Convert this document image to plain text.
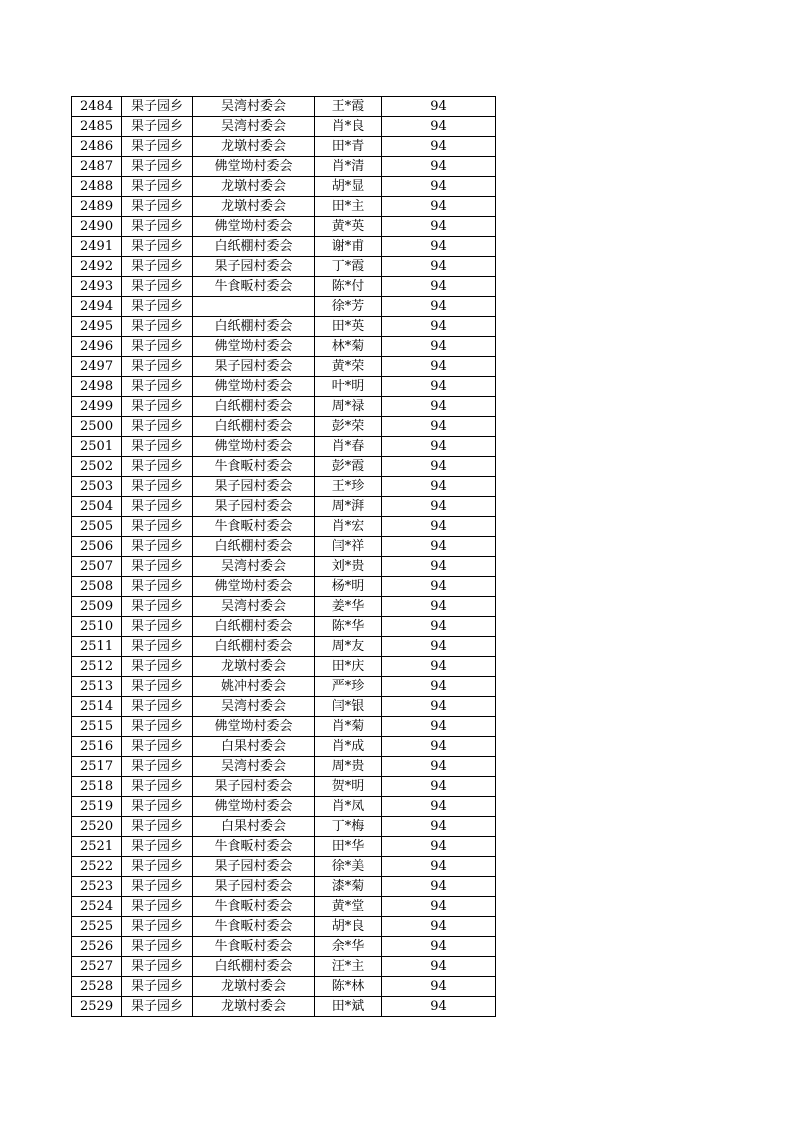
2484	果子园乡	吴湾村委会	王*霞	94
2485	果子园乡	吴湾村委会	肖*良	94
2486	果子园乡	龙墩村委会	田*青	94
2487	果子园乡	佛堂坳村委会	肖*清	94
2488	果子园乡	龙墩村委会	胡*显	94
2489	果子园乡	龙墩村委会	田*主	94
2490	果子园乡	佛堂坳村委会	黄*英	94
2491	果子园乡	白纸棚村委会	谢*甫	94
2492	果子园乡	果子园村委会	丁*霞	94
2493	果子园乡	牛食畈村委会	陈*付	94
2494	果子园乡		徐*芳	94
2495	果子园乡	白纸棚村委会	田*英	94
2496	果子园乡	佛堂坳村委会	林*菊	94
2497	果子园乡	果子园村委会	黄*荣	94
2498	果子园乡	佛堂坳村委会	叶*明	94
2499	果子园乡	白纸棚村委会	周*禄	94
2500	果子园乡	白纸棚村委会	彭*荣	94
2501	果子园乡	佛堂坳村委会	肖*春	94
2502	果子园乡	牛食畈村委会	彭*霞	94
2503	果子园乡	果子园村委会	王*珍	94
2504	果子园乡	果子园村委会	周*湃	94
2505	果子园乡	牛食畈村委会	肖*宏	94
2506	果子园乡	白纸棚村委会	闫*祥	94
2507	果子园乡	吴湾村委会	刘*贵	94
2508	果子园乡	佛堂坳村委会	杨*明	94
2509	果子园乡	吴湾村委会	姜*华	94
2510	果子园乡	白纸棚村委会	陈*华	94
2511	果子园乡	白纸棚村委会	周*友	94
2512	果子园乡	龙墩村委会	田*庆	94
2513	果子园乡	姚冲村委会	严*珍	94
2514	果子园乡	吴湾村委会	闫*银	94
2515	果子园乡	佛堂坳村委会	肖*菊	94
2516	果子园乡	白果村委会	肖*成	94
2517	果子园乡	吴湾村委会	周*贵	94
2518	果子园乡	果子园村委会	贺*明	94
2519	果子园乡	佛堂坳村委会	肖*凤	94
2520	果子园乡	白果村委会	丁*梅	94
2521	果子园乡	牛食畈村委会	田*华	94
2522	果子园乡	果子园村委会	徐*美	94
2523	果子园乡	果子园村委会	漆*菊	94
2524	果子园乡	牛食畈村委会	黄*堂	94
2525	果子园乡	牛食畈村委会	胡*良	94
2526	果子园乡	牛食畈村委会	余*华	94
2527	果子园乡	白纸棚村委会	汪*主	94
2528	果子园乡	龙墩村委会	陈*林	94
2529	果子园乡	龙墩村委会	田*斌	94
